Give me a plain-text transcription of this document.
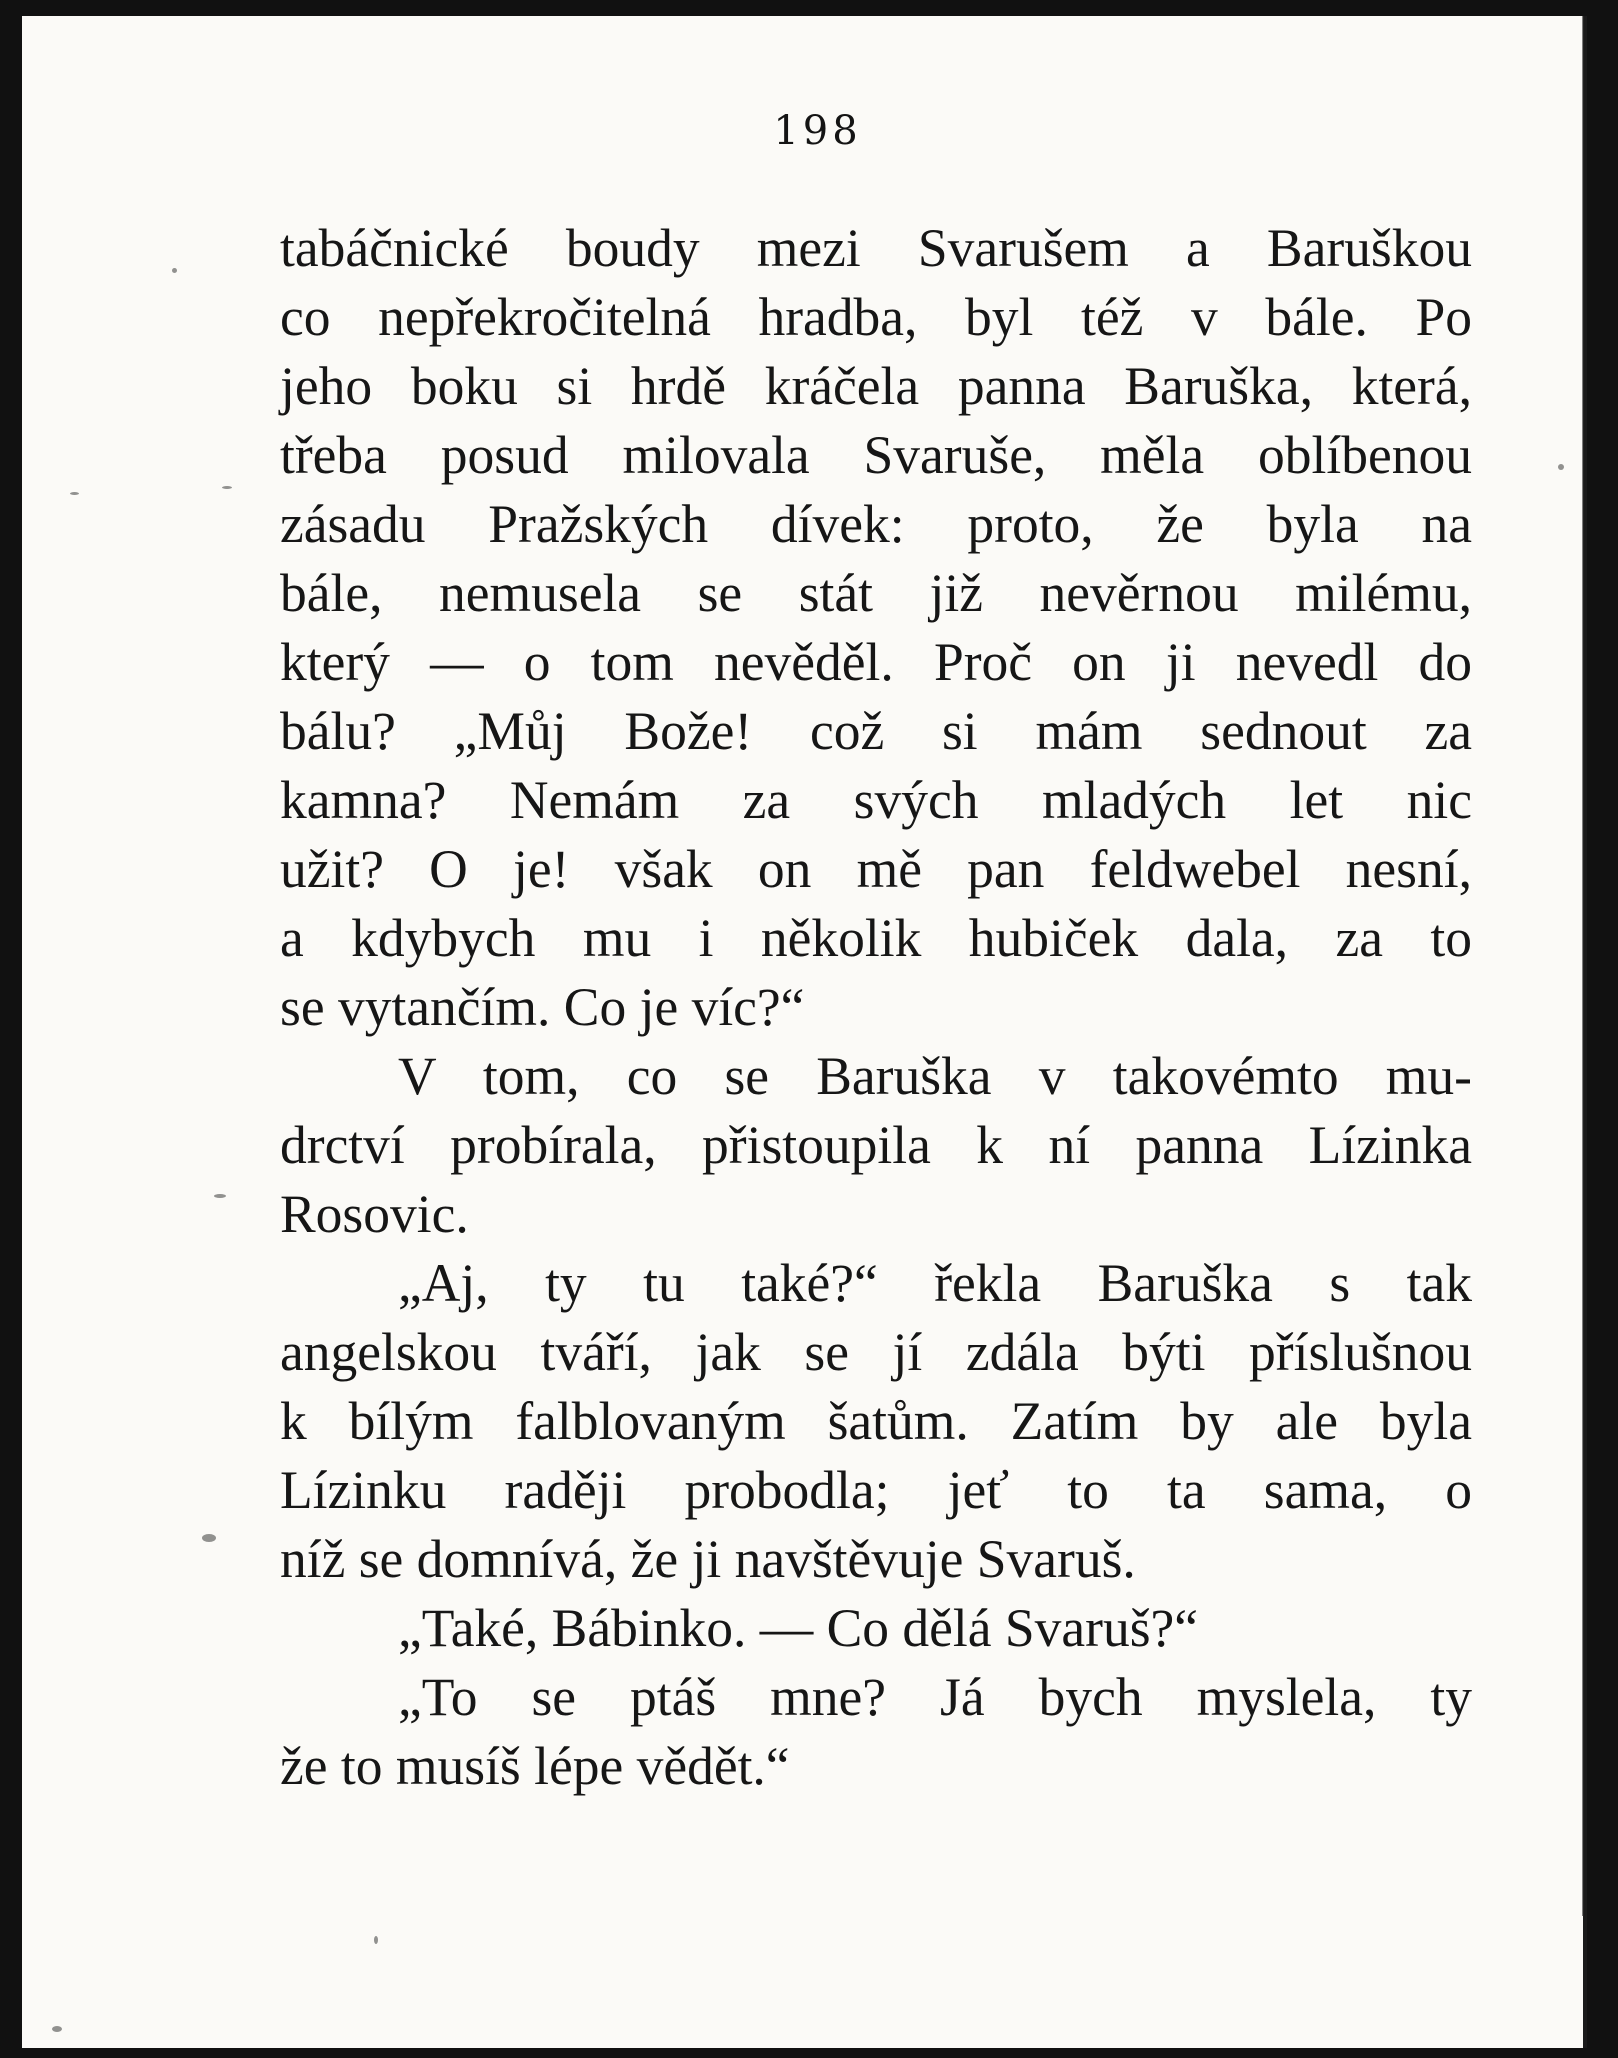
198
tabáčnické boudy mezi Svarušem a Baruškou
co nepřekročitelná hradba, byl též v bále. Po
jeho boku si hrdě kráčela panna Baruška, která,
třeba posud milovala Svaruše, měla oblíbenou
zásadu Pražských dívek: proto, že byla na
bále, nemusela se stát již nevěrnou milému,
který — o tom nevěděl. Proč on ji nevedl do
bálu? „Můj Bože! což si mám sednout za
kamna? Nemám za svých mladých let nic
užit? O je! však on mě pan feldwebel nesní,
a kdybych mu i několik hubiček dala, za to
se vytančím. Co je víc?“
V tom, co se Baruška v takovémto mu-
drctví probírala, přistoupila k ní panna Lízinka
Rosovic.
„Aj, ty tu také?“ řekla Baruška s tak
angelskou tváří, jak se jí zdála býti příslušnou
k bílým falblovaným šatům. Zatím by ale byla
Lízinku raději probodla; jeť to ta sama, o
níž se domnívá, že ji navštěvuje Svaruš.
„Také, Bábinko. — Co dělá Svaruš?“
„To se ptáš mne? Já bych myslela, ty
že to musíš lépe vědět.“
